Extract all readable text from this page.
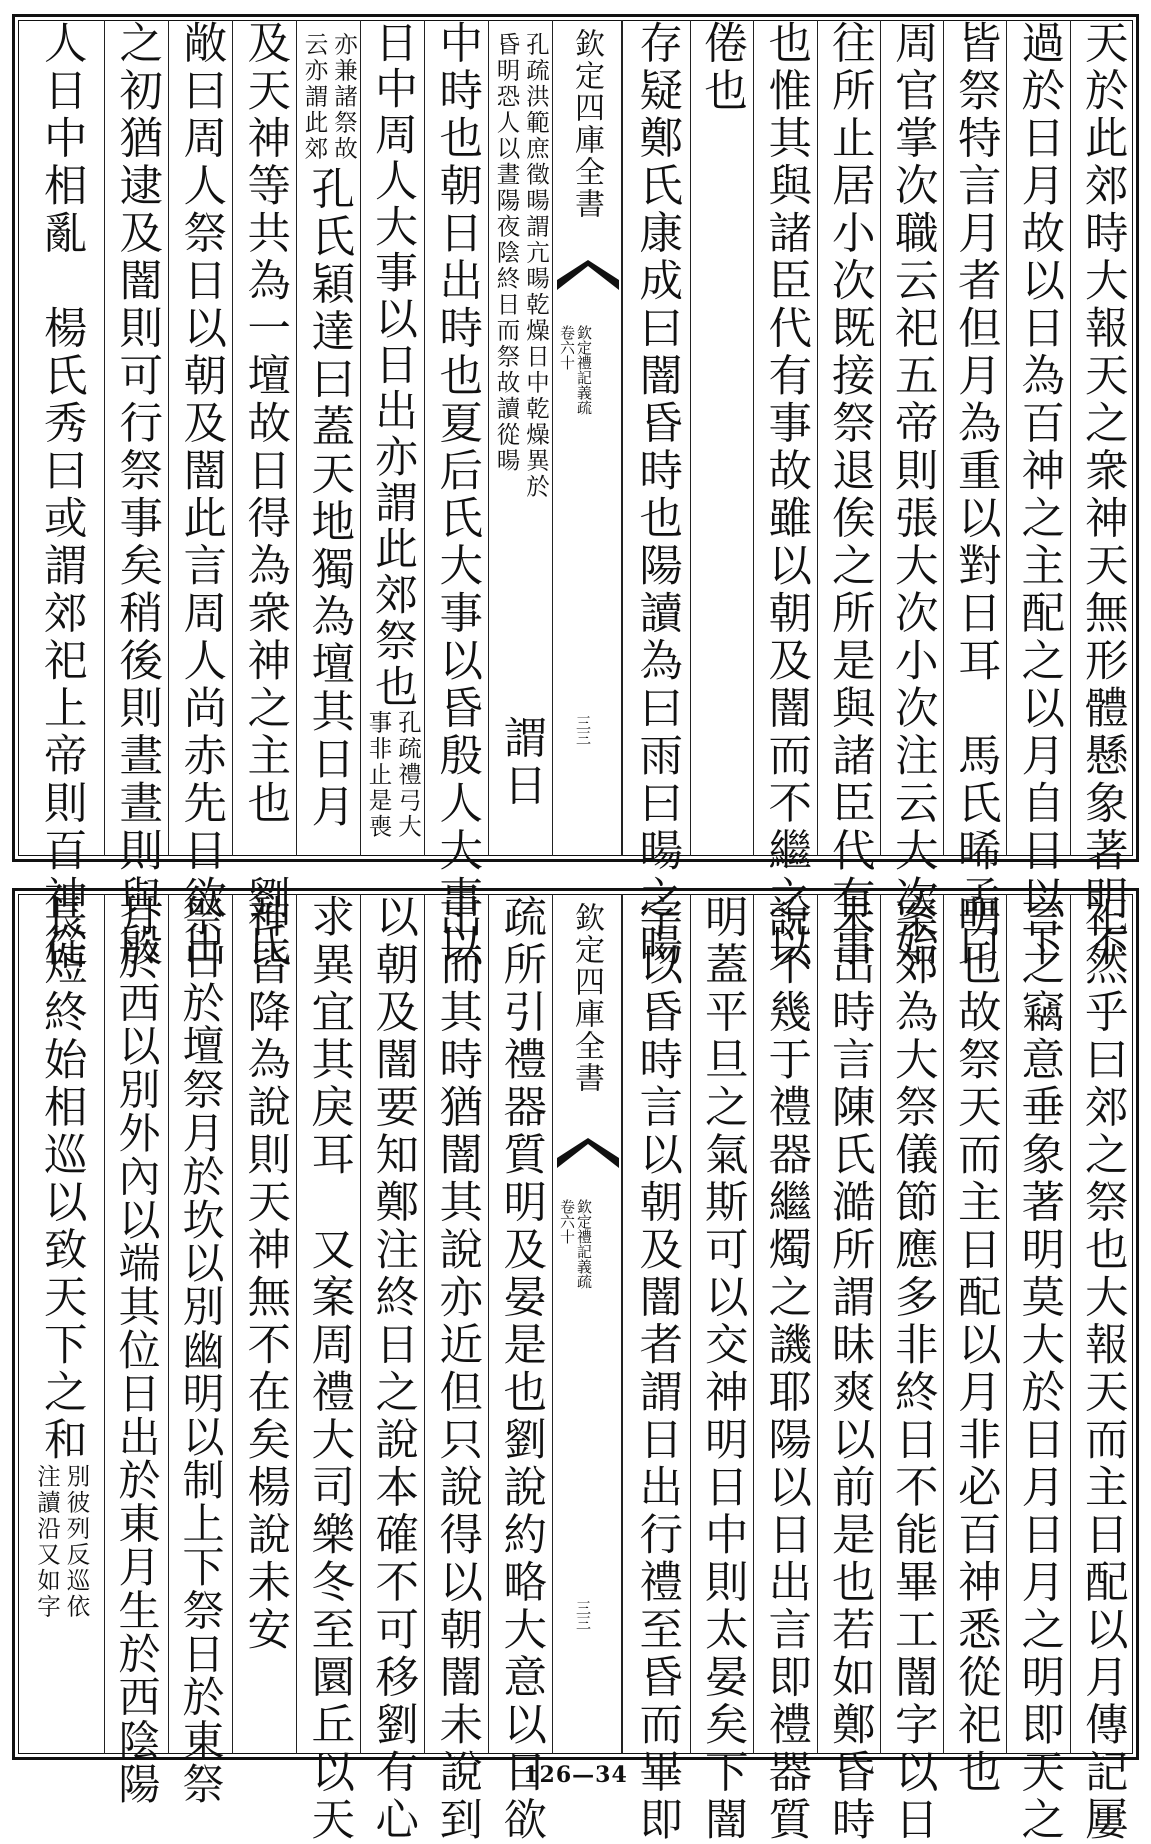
天於此郊時大報天之衆神天無形體懸象著明不
過於日月故以日為百神之主配之以月自日以下
皆祭特言月者但月為重以對日耳　馬氏晞孟曰
周官掌次職云祀五帝則張大次小次注云大次始
往所止居小次既接祭退俟之所是與諸臣代有事
也惟其與諸臣代有事故雖以朝及闇而不繼之以
倦也
存疑鄭氏康成曰闇昏時也陽讀為曰雨曰暘之暘
欽定四庫全書
欽定禮記義疏
卷六十
三三
孔疏洪範庶徵暘謂亢暘乾燥日中乾燥異於
昏明恐人以晝陽夜陰終日而祭故讀從暘
謂日
中時也朝日出時也夏后氏大事以昏殷人大事以
日中周人大事以日出亦謂此郊祭也
孔疏禮弓大
事非止是喪
亦兼諸祭故
云亦謂此郊
孔氏穎達曰蓋天地獨為壇其日月
及天神等共為一壇故日得為衆神之主也　劉氏
敞曰周人祭日以朝及闇此言周人尚赤先日欲出
之初猶逮及闇則可行祭事矣稍後則晝晝則與殷
人日中相亂　楊氏秀曰或謂郊祀上帝則百神從
祀然乎曰郊之祭也大報天而主日配以月傳記屢
言之竊意垂象著明莫大於日月日月之明即天之
明也故祭天而主日配以月非必百神悉從祀也
案郊為大祭儀節應多非終日不能畢工闇字以日
未出時言陳氏澔所謂昧爽以前是也若如鄭昏時
說不幾于禮器繼燭之譏耶陽以日出言即禮器質
明蓋平旦之氣斯可以交神明日中則太晏矣下闇
字以昏時言以朝及闇者謂日出行禮至昏而畢即
欽定四庫全書
欽定禮記義疏
卷六十
三三
疏所引禮器質明及晏是也劉說約略大意以日欲
出而其時猶闇其說亦近但只說得以朝闇未說到
以朝及闇要知鄭注終日之說本確不可移劉有心
求異宜其戾耳　又案周禮大司樂冬至圜丘以天
神皆降為說則天神無不在矣楊說未安
祭日於壇祭月於坎以別幽明以制上下祭日於東祭
月於西以別外內以端其位日出於東月生於西陰陽
長短終始相巡以致天下之和
別彼列反巡依
注讀沿又如字
126—34
